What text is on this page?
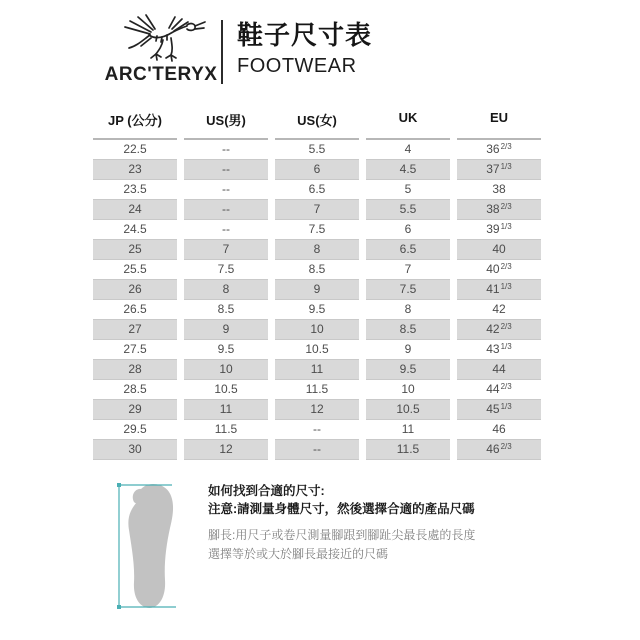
ARC'TERYX
鞋子尺寸表
FOOTWEAR
JP (公分)	US(男)	US(女)	UK	EU
22.5	--	5.5	4	$36^{2/3}$
23	--	6	4.5	$37^{1/3}$
23.5	--	6.5	5	38
24	--	7	5.5	$38^{2/3}$
24.5	--	7.5	6	$39^{1/3}$
25	7	8	6.5	40
25.5	7.5	8.5	7	$40^{2/3}$
26	8	9	7.5	$41^{1/3}$
26.5	8.5	9.5	8	42
27	9	10	8.5	$42^{2/3}$
27.5	9.5	10.5	9	$43^{1/3}$
28	10	11	9.5	44
28.5	10.5	11.5	10	$44^{2/3}$
29	11	12	10.5	$45^{1/3}$
29.5	11.5	--	11	46
30	12	--	11.5	$46^{2/3}$
如何找到合適的尺寸:
注意:請測量身體尺寸，然後選擇合適的產品尺碼
腳長:用尺子或卷尺測量腳跟到腳趾尖最長處的長度
選擇等於或大於腳長最接近的尺碼
